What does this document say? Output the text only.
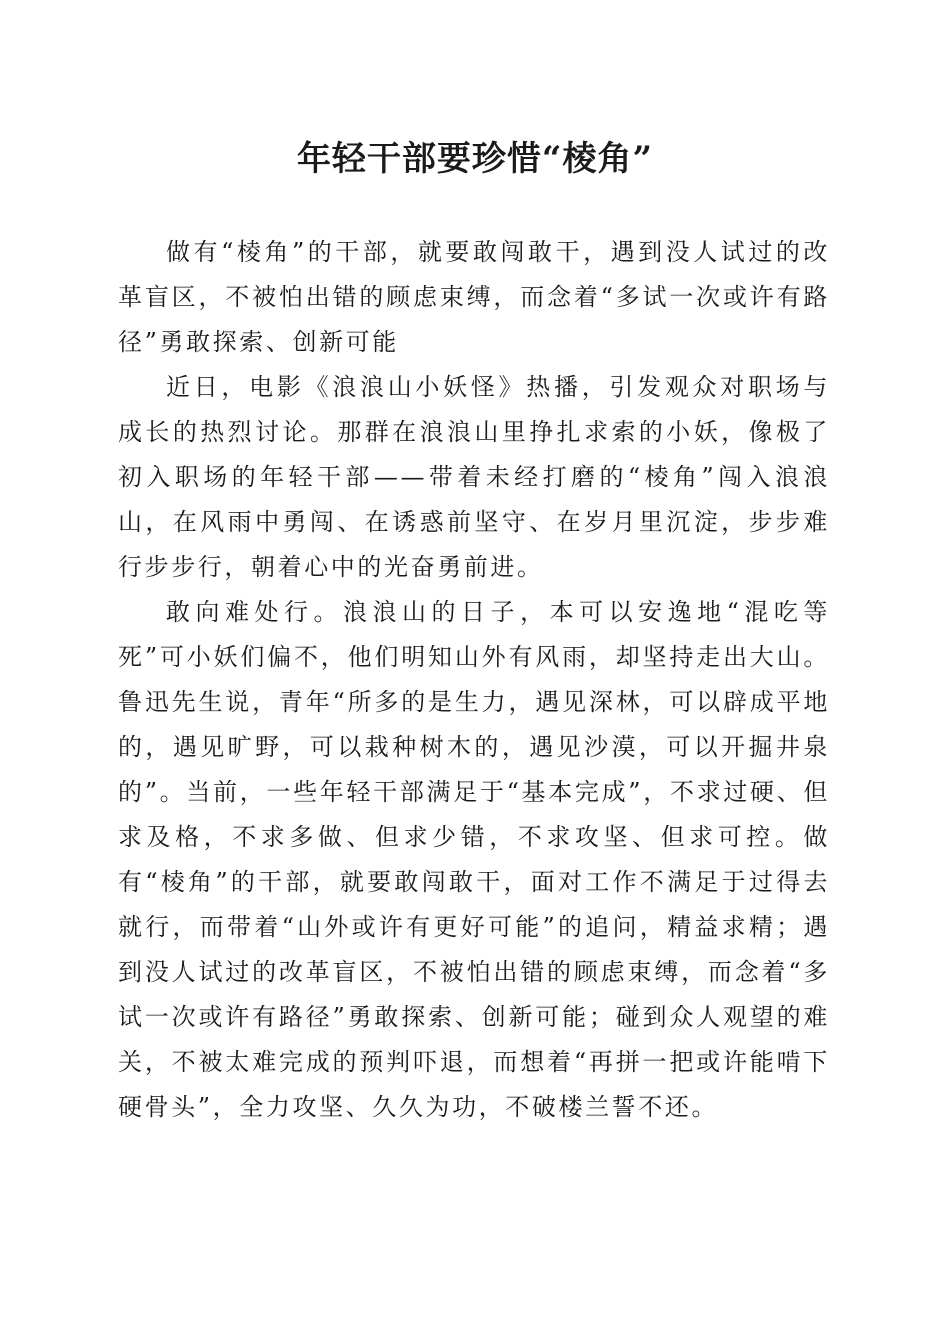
年轻干部要珍惜“棱角”

做有“棱角”的干部，就要敢闯敢干，遇到没人试过的改革盲区，不被怕出错的顾虑束缚，而念着“多试一次或许有路径”勇敢探索、创新可能

近日，电影《浪浪山小妖怪》热播，引发观众对职场与成长的热烈讨论。那群在浪浪山里挣扎求索的小妖，像极了初入职场的年轻干部——带着未经打磨的“棱角”闯入浪浪山，在风雨中勇闯、在诱惑前坚守、在岁月里沉淀，步步难行步步行，朝着心中的光奋勇前进。

敢向难处行。浪浪山的日子，本可以安逸地“混吃等死”可小妖们偏不，他们明知山外有风雨，却坚持走出大山。鲁迅先生说，青年“所多的是生力，遇见深林，可以辟成平地的，遇见旷野，可以栽种树木的，遇见沙漠，可以开掘井泉的”。当前，一些年轻干部满足于“基本完成”，不求过硬、但求及格，不求多做、但求少错，不求攻坚、但求可控。做有“棱角”的干部，就要敢闯敢干，面对工作不满足于过得去就行，而带着“山外或许有更好可能”的追问，精益求精；遇到没人试过的改革盲区，不被怕出错的顾虑束缚，而念着“多试一次或许有路径”勇敢探索、创新可能；碰到众人观望的难关，不被太难完成的预判吓退，而想着“再拼一把或许能啃下硬骨头”，全力攻坚、久久为功，不破楼兰誓不还。
